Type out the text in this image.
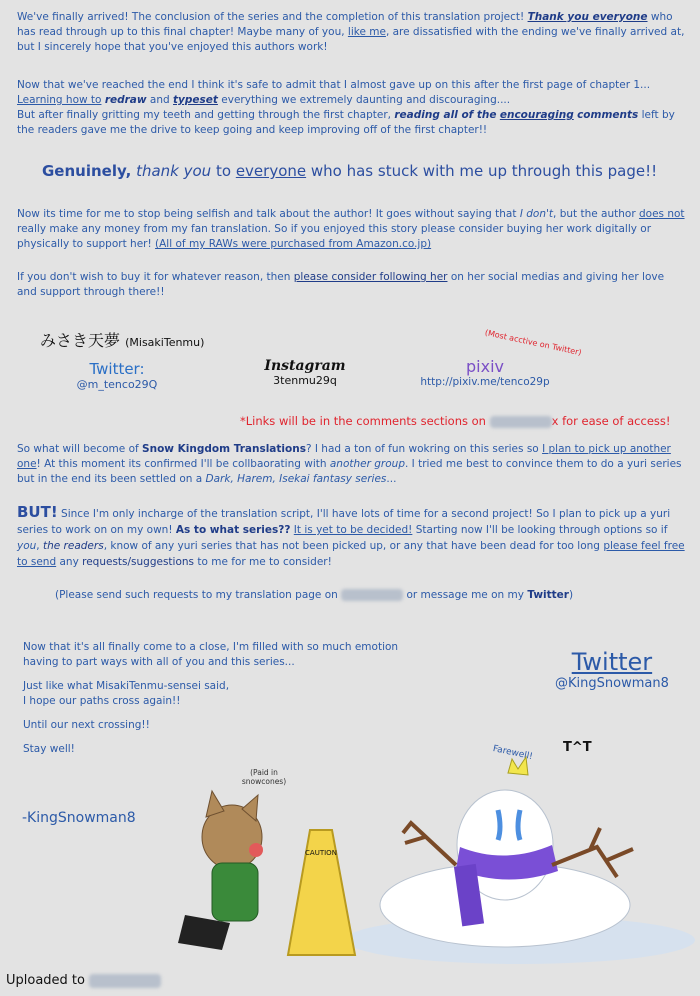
We've finally arrived! The conclusion of the series and the completion of this translation project! Thank you everyone who has read through up to this final chapter! Maybe many of you, like me, are dissatisfied with the ending we've finally arrived at, but I sincerely hope that you've enjoyed this authors work!
Now that we've reached the end I think it's safe to admit that I almost gave up on this after the first page of chapter 1... Learning how to redraw and typeset everything we extremely daunting and discouraging....
But after finally gritting my teeth and getting through the first chapter, reading all of the encouraging comments left by the readers gave me the drive to keep going and keep improving off of the first chapter!!
Genuinely, thank you to everyone who has stuck with me up through this page!!
Now its time for me to stop being selfish and talk about the author! It goes without saying that I don't, but the author does not really make any money from my fan translation. So if you enjoyed this story please consider buying her work digitally or physically to support her! (All of my RAWs were purchased from Amazon.co.jp)
If you don't wish to buy it for whatever reason, then please consider following her on her social medias and giving her love and support through there!!
みさき天夢 (MisakiTenmu)	(Most acctive on Twitter)
Twitter:
@m_tenco29Q
Instagram
3tenmu29q
pixiv
http://pixiv.me/tenco29p
*Links will be in the comments sections on	x for ease of access!
So what will become of Snow Kingdom Translations? I had a ton of fun wokring on this series so I plan to pick up another one! At this moment its confirmed I'll be collbaorating with another group. I tried me best to convince them to do a yuri series but in the end its been settled on a Dark, Harem, Isekai fantasy series...
BUT! Since I'm only incharge of the translation script, I'll have lots of time for a second project! So I plan to pick up a yuri series to work on on my own! As to what series?? It is yet to be decided! Starting now I'll be looking through options so if you, the readers, know of any yuri series that has not been picked up, or any that have been dead for too long please feel free to send any requests/suggestions to me for me to consider!
(Please send such requests to my translation page on	or message me on my Twitter)
Now that it's all finally come to a close, I'm filled with so much emotion
having to part ways with all of you and this series...
Just like what MisakiTenmu-sensei said,
I hope our paths cross again!!
Until our next crossing!!
Stay well!
-KingSnowman8
Twitter
@KingSnowman8
Farewell! T^T
(Paid in snowcones)
CAUTION
Uploaded to
